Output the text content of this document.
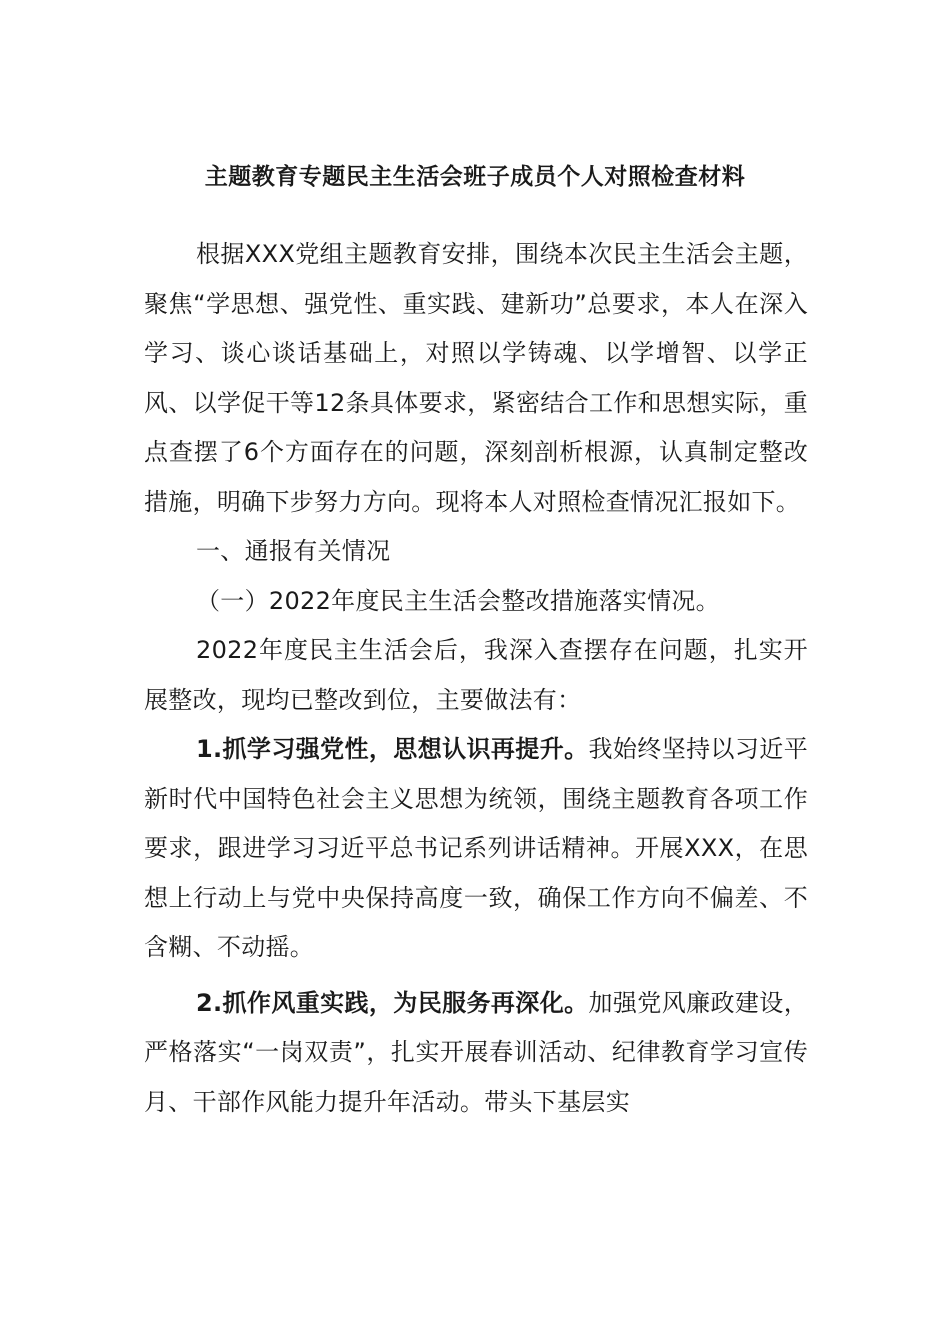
主题教育专题民主生活会班子成员个人对照检查材料

根据XXX党组主题教育安排，围绕本次民主生活会主题，聚焦“学思想、强党性、重实践、建新功”总要求，本人在深入学习、谈心谈话基础上，对照以学铸魂、以学增智、以学正风、以学促干等12条具体要求，紧密结合工作和思想实际，重点查摆了6个方面存在的问题，深刻剖析根源，认真制定整改措施，明确下步努力方向。现将本人对照检查情况汇报如下。

一、通报有关情况

（一）2022年度民主生活会整改措施落实情况。

2022年度民主生活会后，我深入查摆存在问题，扎实开展整改，现均已整改到位，主要做法有：

1.抓学习强党性，思想认识再提升。我始终坚持以习近平新时代中国特色社会主义思想为统领，围绕主题教育各项工作要求，跟进学习习近平总书记系列讲话精神。开展XXX，在思想上行动上与党中央保持高度一致，确保工作方向不偏差、不含糊、不动摇。

2.抓作风重实践，为民服务再深化。加强党风廉政建设，严格落实“一岗双责”，扎实开展春训活动、纪律教育学习宣传月、干部作风能力提升年活动。带头下基层实
